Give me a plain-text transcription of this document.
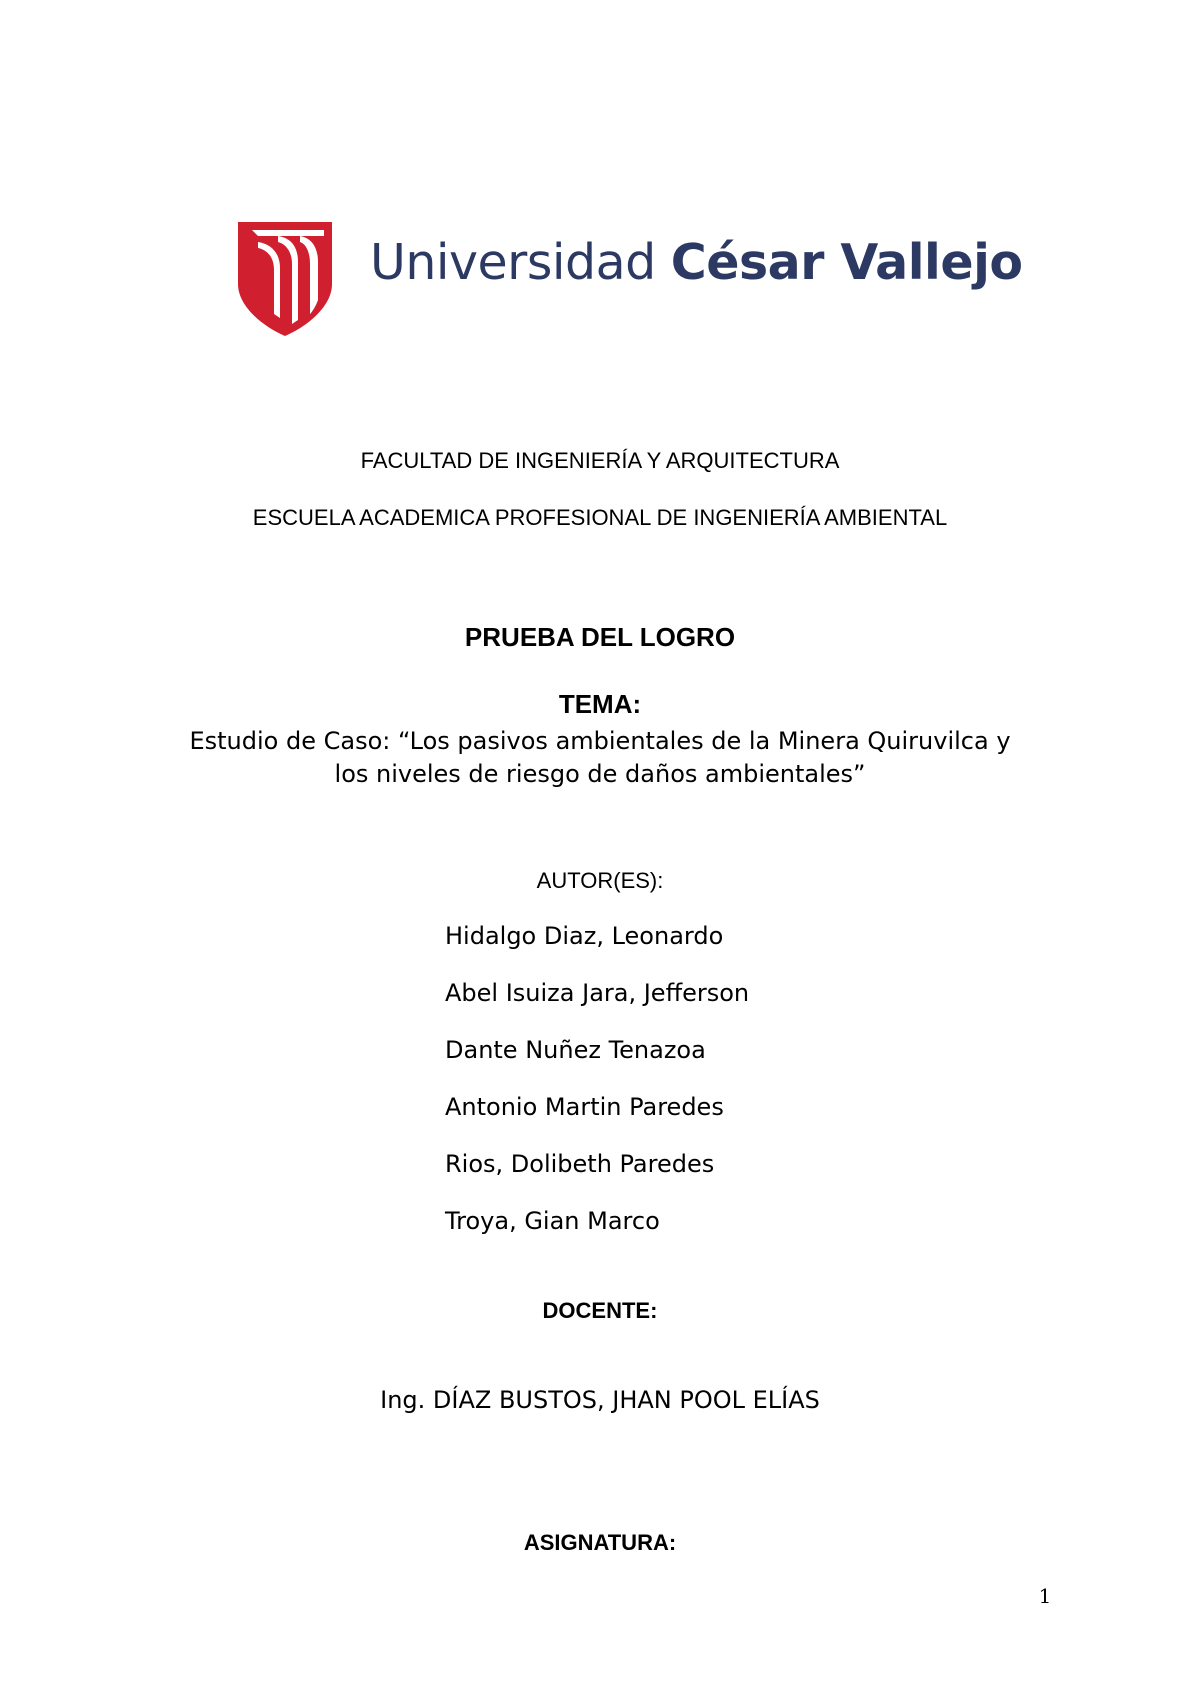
Universidad César Vallejo
FACULTAD DE INGENIERÍA Y ARQUITECTURA
ESCUELA ACADEMICA PROFESIONAL DE INGENIERÍA AMBIENTAL
PRUEBA DEL LOGRO
TEMA:
Estudio de Caso: “Los pasivos ambientales de la Minera Quiruvilca y
los niveles de riesgo de daños ambientales”
AUTOR(ES):
Hidalgo Diaz, Leonardo
Abel Isuiza Jara, Jefferson
Dante Nuñez Tenazoa
Antonio Martin Paredes
Rios, Dolibeth Paredes
Troya, Gian Marco
DOCENTE:
Ing. DÍAZ BUSTOS, JHAN POOL ELÍAS
ASIGNATURA:
1
